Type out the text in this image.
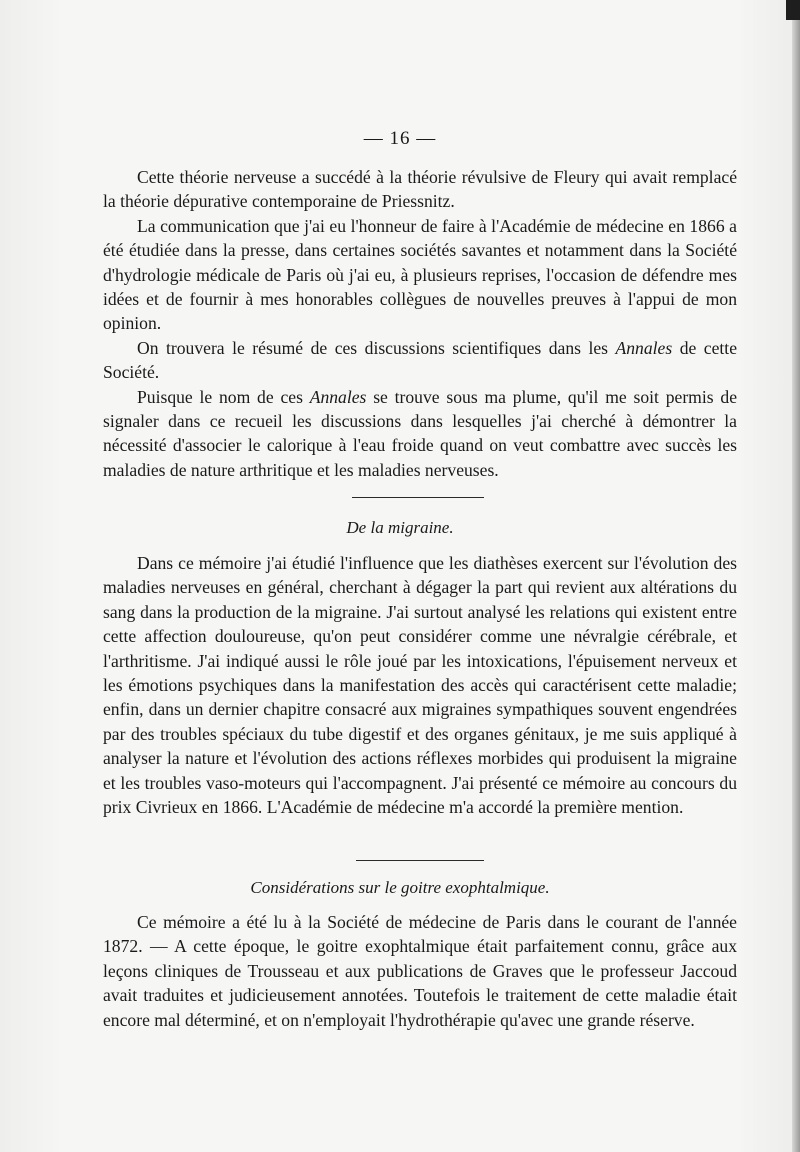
— 16 —

Cette théorie nerveuse a succédé à la théorie révulsive de Fleury qui avait remplacé la théorie dépurative contemporaine de Priessnitz.

La communication que j'ai eu l'honneur de faire à l'Académie de médecine en 1866 a été étudiée dans la presse, dans certaines sociétés savantes et notamment dans la Société d'hydrologie médicale de Paris où j'ai eu, à plusieurs reprises, l'occasion de défendre mes idées et de fournir à mes honorables collègues de nouvelles preuves à l'appui de mon opinion.

On trouvera le résumé de ces discussions scientifiques dans les Annales de cette Société.

Puisque le nom de ces Annales se trouve sous ma plume, qu'il me soit permis de signaler dans ce recueil les discussions dans lesquelles j'ai cherché à démontrer la nécessité d'associer le calorique à l'eau froide quand on veut combattre avec succès les maladies de nature arthritique et les maladies nerveuses.

De la migraine.

Dans ce mémoire j'ai étudié l'influence que les diathèses exercent sur l'évolution des maladies nerveuses en général, cherchant à dégager la part qui revient aux altérations du sang dans la production de la migraine. J'ai surtout analysé les relations qui existent entre cette affection douloureuse, qu'on peut considérer comme une névralgie cérébrale, et l'arthritisme. J'ai indiqué aussi le rôle joué par les intoxications, l'épuisement nerveux et les émotions psychiques dans la manifestation des accès qui caractérisent cette maladie; enfin, dans un dernier chapitre consacré aux migraines sympathiques souvent engendrées par des troubles spéciaux du tube digestif et des organes génitaux, je me suis appliqué à analyser la nature et l'évolution des actions réflexes morbides qui produisent la migraine et les troubles vaso-moteurs qui l'accompagnent. J'ai présenté ce mémoire au concours du prix Civrieux en 1866. L'Académie de médecine m'a accordé la première mention.

Considérations sur le goitre exophtalmique.

Ce mémoire a été lu à la Société de médecine de Paris dans le courant de l'année 1872. — A cette époque, le goitre exophtalmique était parfaitement connu, grâce aux leçons cliniques de Trousseau et aux publications de Graves que le professeur Jaccoud avait traduites et judicieusement annotées. Toutefois le traitement de cette maladie était encore mal déterminé, et on n'employait l'hydrothérapie qu'avec une grande réserve.
